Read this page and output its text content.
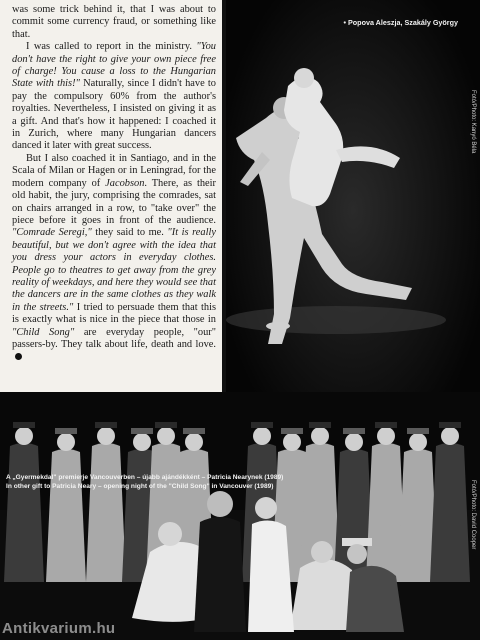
was some trick behind it, that I was about to commit some currency fraud, or something like that.

I was called to report in the ministry. "You don't have the right to give your own piece free of charge! You cause a loss to the Hungarian State with this!" Naturally, since I didn't have to pay the compulsory 60% from the author's royalties. Nevertheless, I insisted on giving it as a gift. And that's how it happened: I coached it in Zurich, where many Hungarian dancers danced it later with great success.

But I also coached it in Santiago, and in the Scala of Milan or Hagen or in Leningrad, for the modern company of Jacobson. There, as their old habit, the jury, comprising the comrades, sat on chairs arranged in a row, to "take over" the piece before it goes in front of the audience. "Comrade Seregi," they said to me. "It is really beautiful, but we don't agree with the idea that you dress your actors in everyday clothes. People go to theatres to get away from the grey reality of weekdays, and here they would see that the dancers are in the same clothes as they walk in the streets." I tried to persuade them that this is exactly what is nice in the piece that those in "Child Song" are everyday people, "our" passers-by. They talk about life, death and love.

• Popova Aleszja, Szakály György
Fotó/Photo: Kanyó Béla
Fotó/Photo: David Cooper
Antikvarium.hu
A „Gyermekdal" premierje Vancouverben – újabb ajándékként – Patricia Nearynek (1989)
In other gift to Patricia Neary – opening night of the "Child Song" in Vancouver (1989)
